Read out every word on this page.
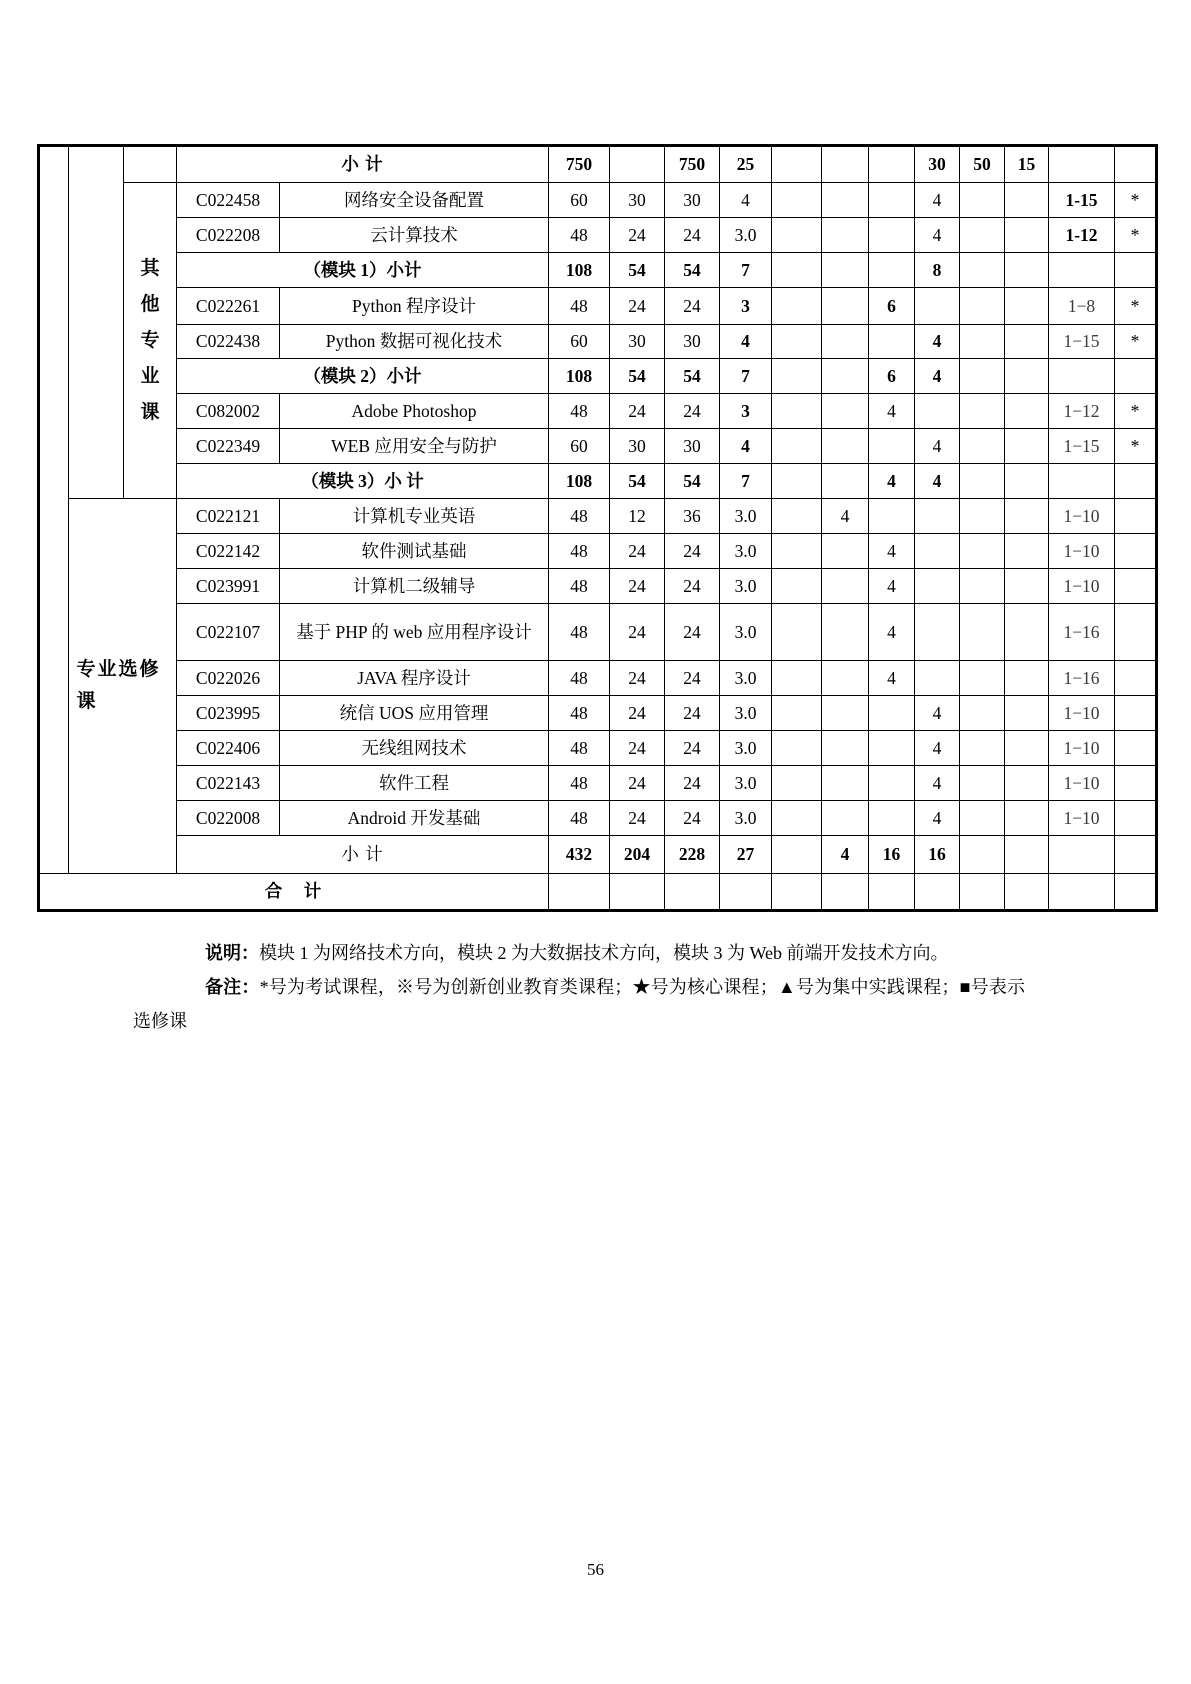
			小 计		750		750	25				30	50	15		

		其他专业课	C022458	网络安全设备配置	60	30	30	4				4			1-15	*
			C022208	云计算技术	48	24	24	3.0				4			1-12	*
			（模块 1）小计		108	54	54	7				8				
			C022261	Python 程序设计	48	24	24	3			6				1−8	*
			C022438	Python 数据可视化技术	60	30	30	4				4			1−15	*
			（模块 2）小计		108	54	54	7			6	4				
			C082002	Adobe Photoshop	48	24	24	3			4				1−12	*
			C022349	WEB 应用安全与防护	60	30	30	4				4			1−15	*
			（模块 3）小 计		108	54	54	7			4	4				

	专业选修课		C022121	计算机专业英语	48	12	36	3.0		4					1−10	
			C022142	软件测试基础	48	24	24	3.0			4				1−10	
			C023991	计算机二级辅导	48	24	24	3.0			4				1−10	
			C022107	基于 PHP 的 web 应用程序设计	48	24	24	3.0			4				1−16	
			C022026	JAVA 程序设计	48	24	24	3.0			4				1−16	
			C023995	统信 UOS 应用管理	48	24	24	3.0				4			1−10	
			C022406	无线组网技术	48	24	24	3.0				4			1−10	
			C022143	软件工程	48	24	24	3.0				4			1−10	
			C022008	Android 开发基础	48	24	24	3.0				4			1−10	
			小 计		432	204	228	27		4	16	16				
合　计																

说明：模块 1 为网络技术方向，模块 2 为大数据技术方向，模块 3 为 Web 前端开发技术方向。

备注：*号为考试课程，※号为创新创业教育类课程；★号为核心课程；▲号为集中实践课程；■号表示选修课

56
